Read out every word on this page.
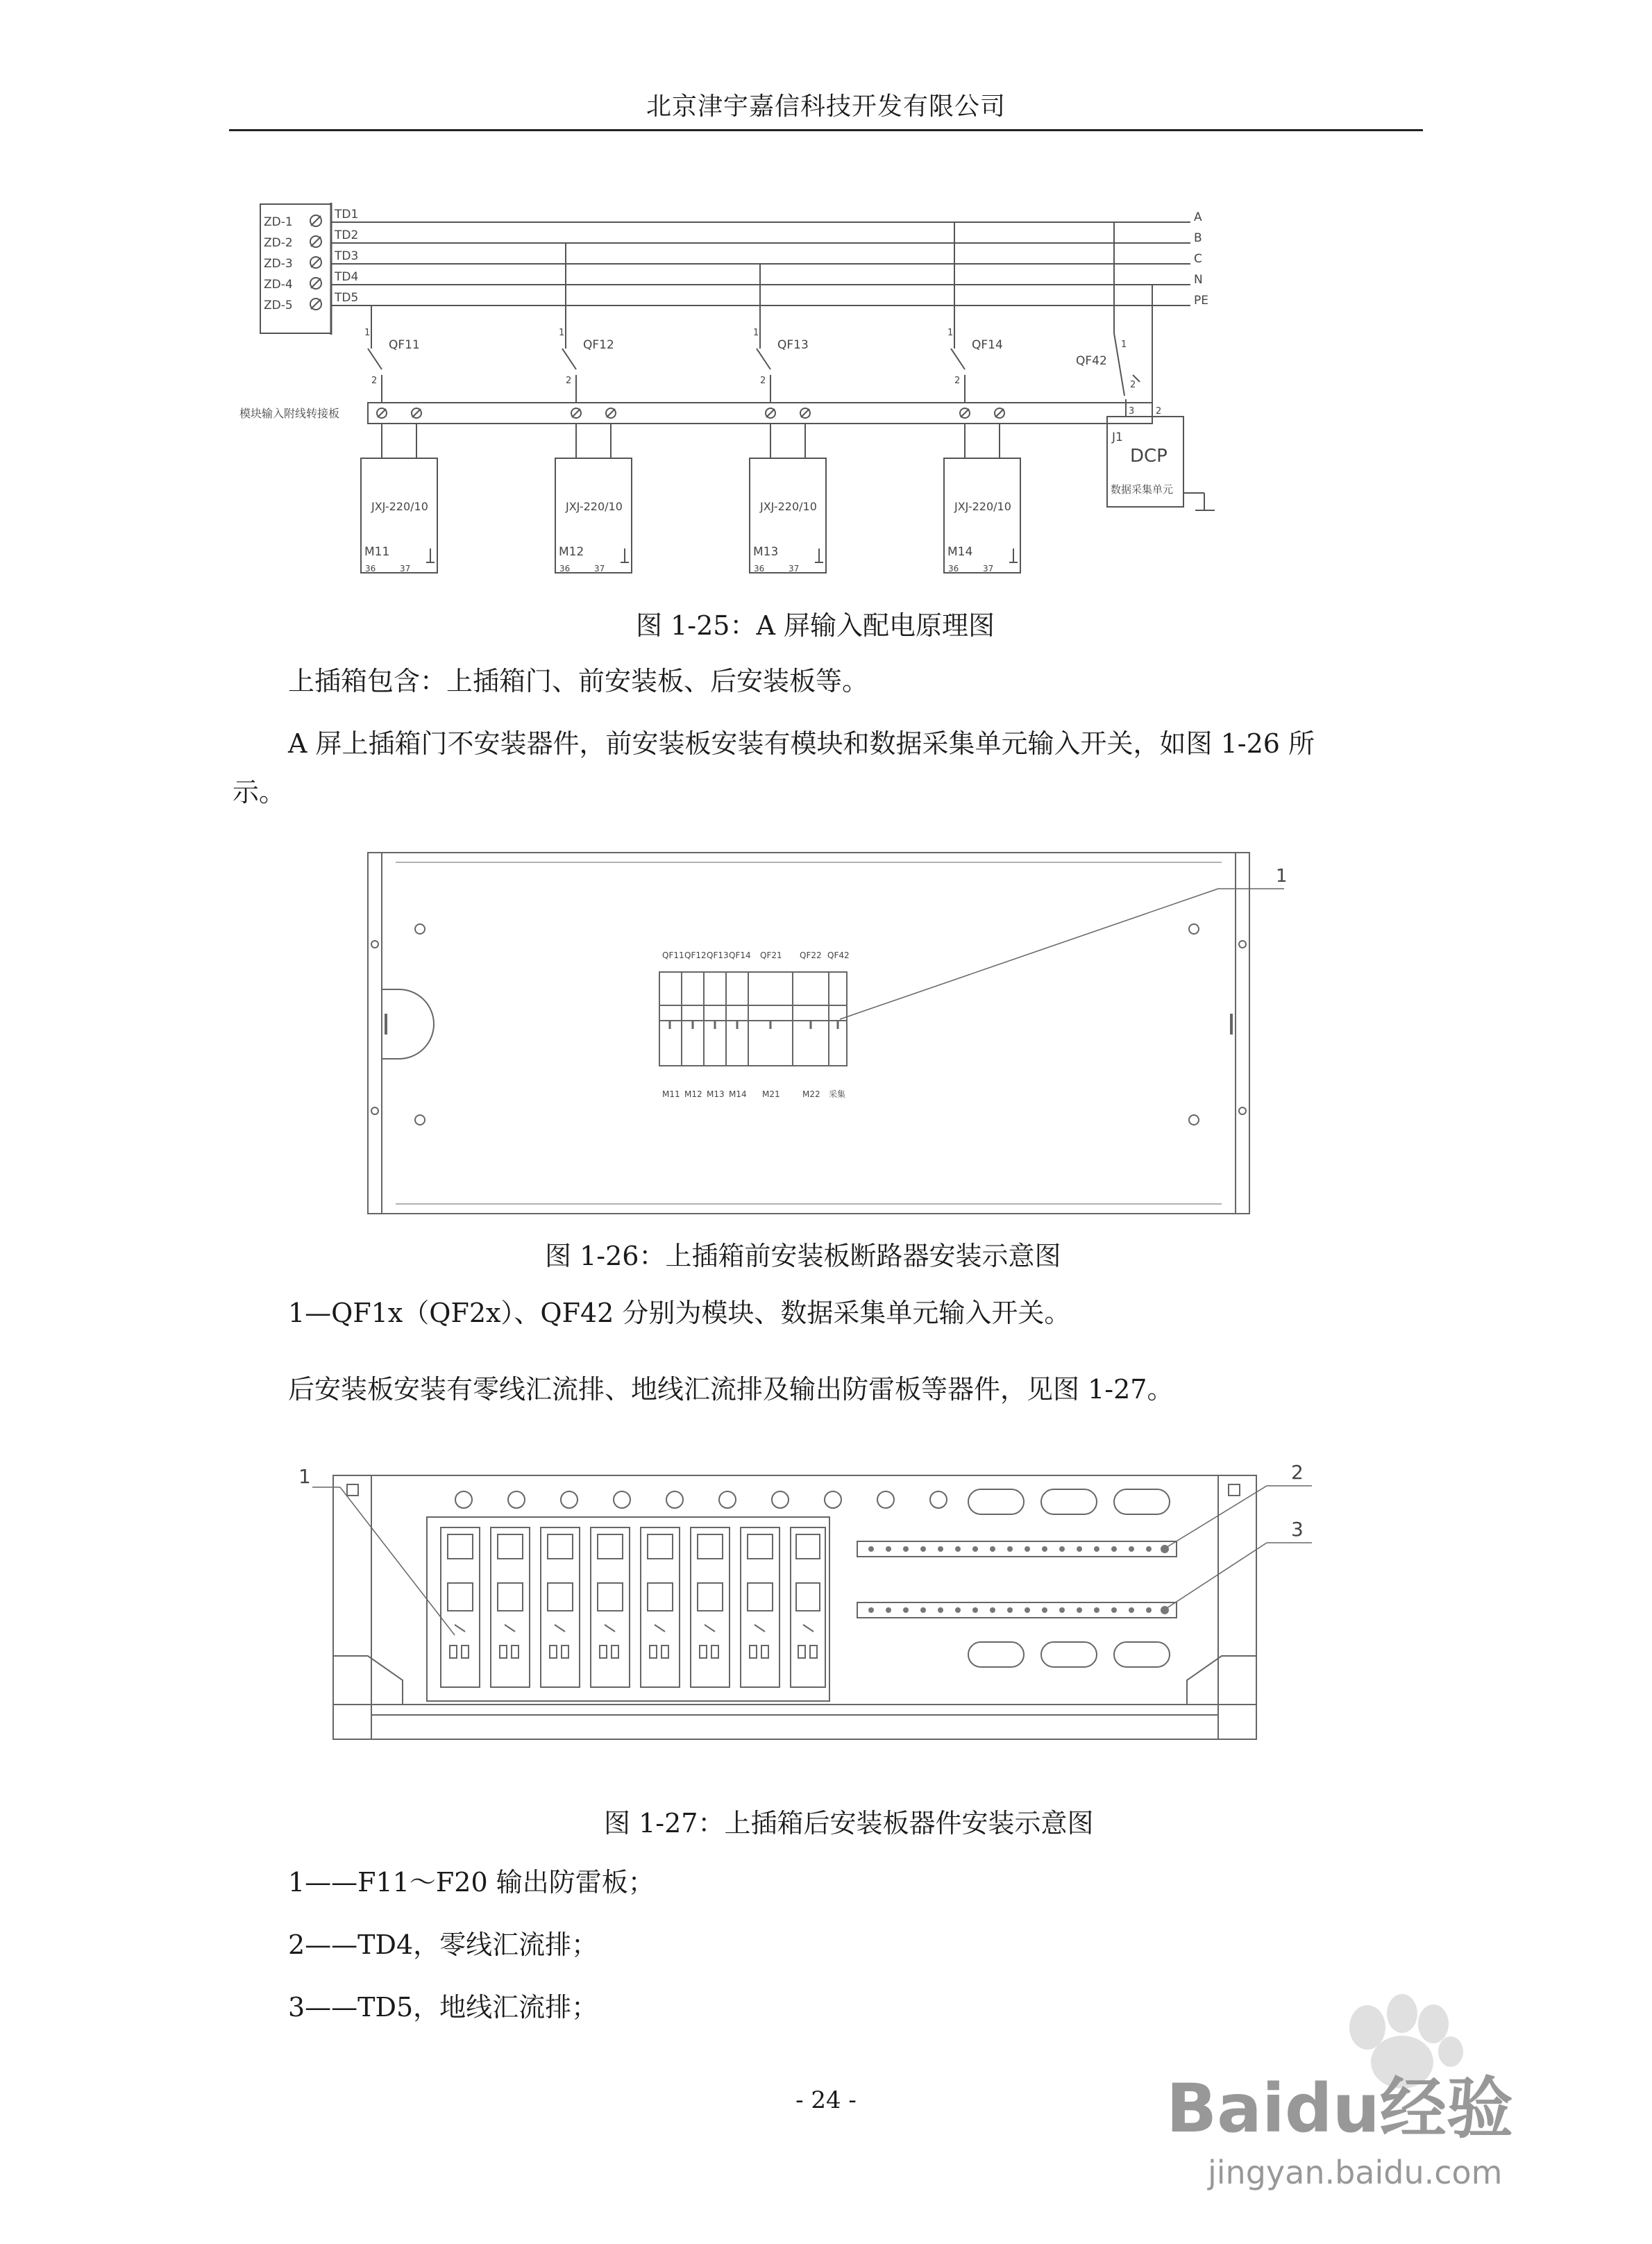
北京津宇嘉信科技开发有限公司
ZD-1
ZD-2
ZD-3
ZD-4
ZD-5
TD1
TD2
TD3
TD4
TD5
A
B
C
N
PE
QF11	QF12	QF13	QF14
QF42
模块输入附线转接板
JXJ-220/10	JXJ-220/10	JXJ-220/10	JXJ-220/10
M11	M12	M13	M14
J1
DCP
数据采集单元
1	1	1	1
1
2	2	2	2	2
3 2
36	37	36	37	36	37	36	37
图 1-25：A 屏输入配电原理图
上插箱包含：上插箱门、前安装板、后安装板等。
A 屏上插箱门不安装器件，前安装板安装有模块和数据采集单元输入开关，如图 1-26 所
示。
QF11 QF12 QF13 QF14 QF21 QF22 QF42
M11 M12 M13 M14 M21	M22 采集
1
图 1-26：上插箱前安装板断路器安装示意图
1—QF1x（QF2x）、QF42 分别为模块、数据采集单元输入开关。
后安装板安装有零线汇流排、地线汇流排及输出防雷板等器件，见图 1-27。
1	2
3
图 1-27：上插箱后安装板器件安装示意图
1——F11～F20 输出防雷板；
2——TD4，零线汇流排；
3——TD5，地线汇流排；
- 24 -	Baidu经验
jingyan.baidu.com
